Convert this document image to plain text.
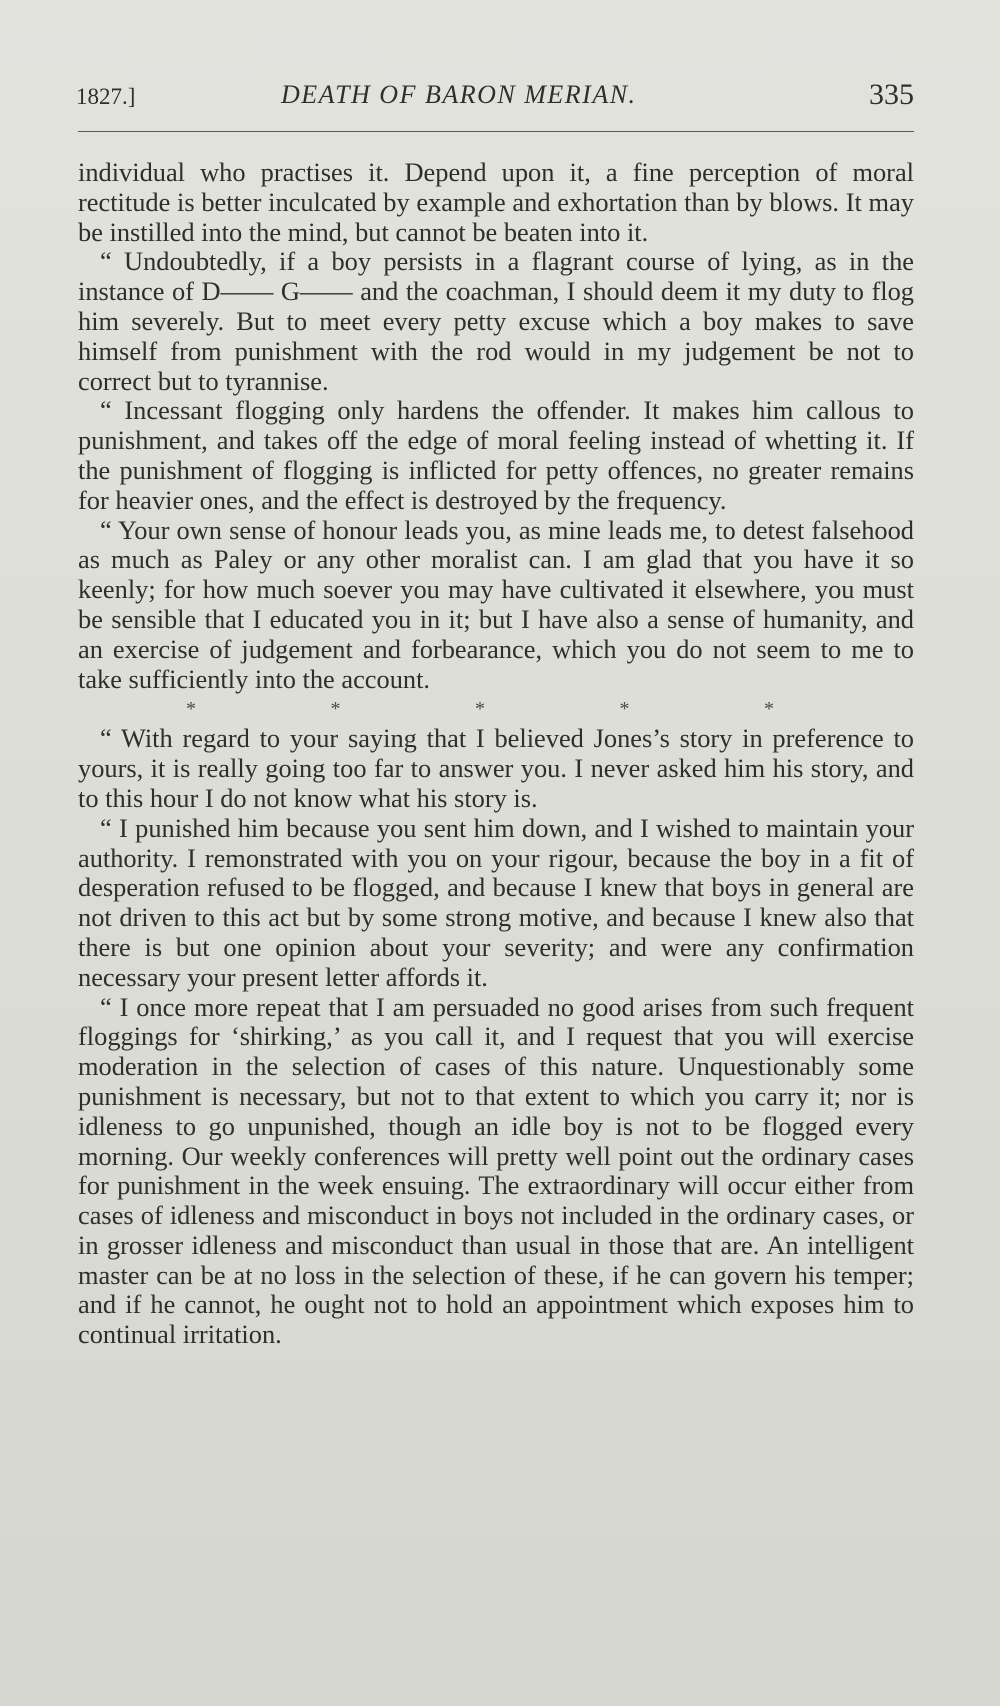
1827.]	DEATH OF BARON MERIAN.	335

individual who practises it. Depend upon it, a fine perception of moral rectitude is better inculcated by example and exhortation than by blows. It may be instilled into the mind, but cannot be beaten into it.

“ Undoubtedly, if a boy persists in a flagrant course of lying, as in the instance of D—— G—— and the coachman, I should deem it my duty to flog him severely. But to meet every petty excuse which a boy makes to save himself from punishment with the rod would in my judgement be not to correct but to tyrannise.

“ Incessant flogging only hardens the offender. It makes him callous to punishment, and takes off the edge of moral feeling instead of whetting it. If the punishment of flogging is inflicted for petty offences, no greater remains for heavier ones, and the effect is destroyed by the frequency.

“ Your own sense of honour leads you, as mine leads me, to detest falsehood as much as Paley or any other moralist can. I am glad that you have it so keenly; for how much soever you may have cultivated it elsewhere, you must be sensible that I educated you in it; but I have also a sense of humanity, and an exercise of judgement and forbearance, which you do not seem to me to take sufficiently into the account.

*	*	*	*	*

“ With regard to your saying that I believed Jones’s story in preference to yours, it is really going too far to answer you. I never asked him his story, and to this hour I do not know what his story is.

“ I punished him because you sent him down, and I wished to maintain your authority. I remonstrated with you on your rigour, because the boy in a fit of desperation refused to be flogged, and because I knew that boys in general are not driven to this act but by some strong motive, and because I knew also that there is but one opinion about your severity; and were any confirmation necessary your present letter affords it.

“ I once more repeat that I am persuaded no good arises from such frequent floggings for ‘shirking,’ as you call it, and I request that you will exercise moderation in the selection of cases of this nature. Unquestionably some punishment is necessary, but not to that extent to which you carry it; nor is idleness to go unpunished, though an idle boy is not to be flogged every morning. Our weekly conferences will pretty well point out the ordinary cases for punishment in the week ensuing. The extraordinary will occur either from cases of idleness and misconduct in boys not included in the ordinary cases, or in grosser idleness and misconduct than usual in those that are. An intelligent master can be at no loss in the selection of these, if he can govern his temper; and if he cannot, he ought not to hold an appointment which exposes him to continual irritation.
